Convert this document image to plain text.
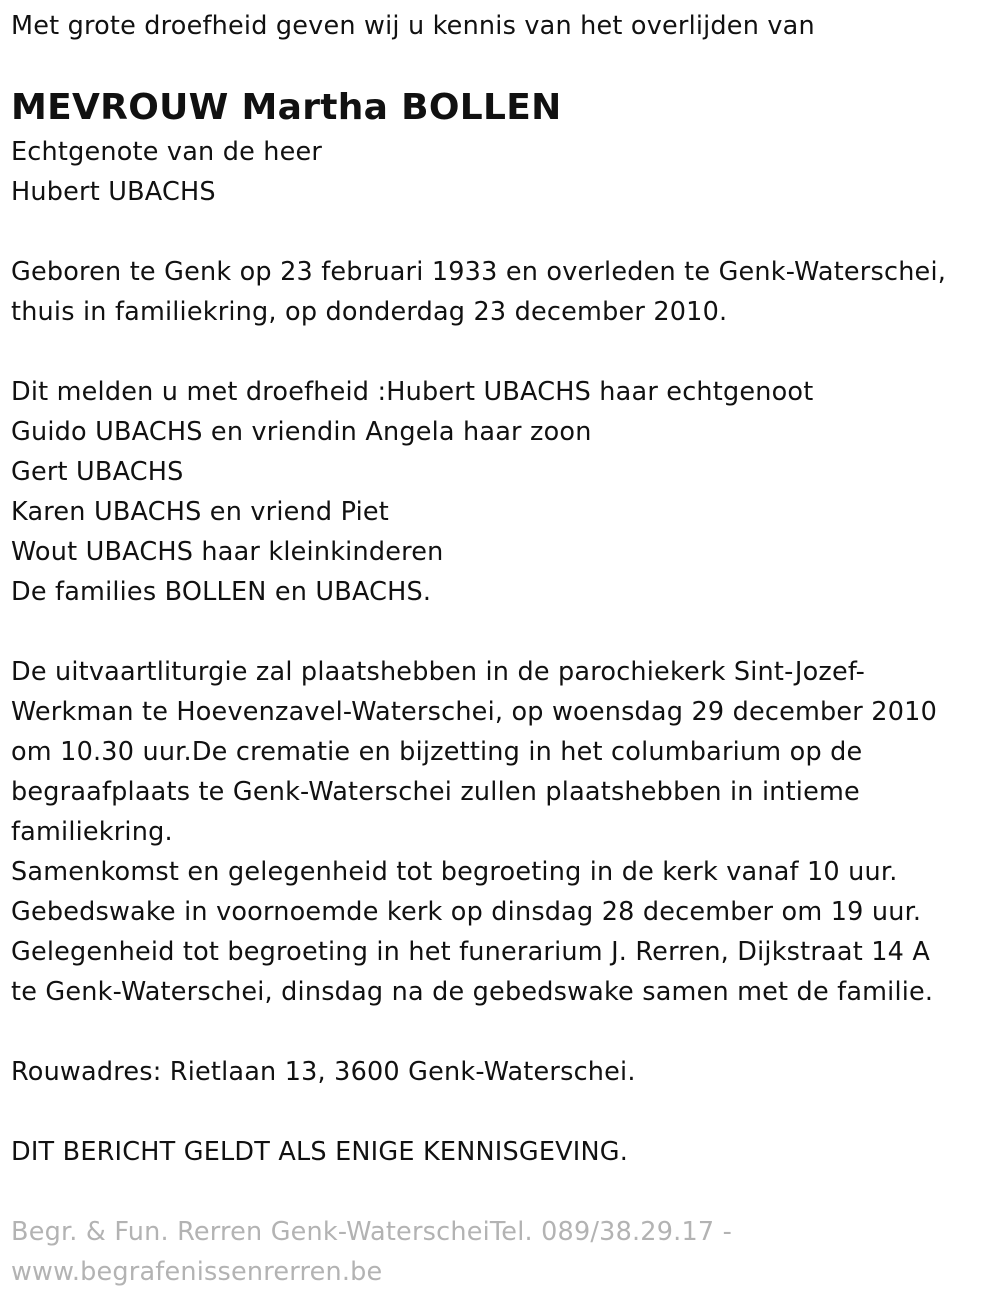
Met grote droefheid geven wij u kennis van het overlijden van
MEVROUW Martha BOLLEN
Echtgenote van de heer
Hubert UBACHS
Geboren te Genk op 23 februari 1933 en overleden te Genk-Waterschei,
thuis in familiekring, op donderdag 23 december 2010.
Dit melden u met droefheid :Hubert UBACHS haar echtgenoot
Guido UBACHS en vriendin Angela haar zoon
Gert UBACHS
Karen UBACHS en vriend Piet
Wout UBACHS haar kleinkinderen
De families BOLLEN en UBACHS.
De uitvaartliturgie zal plaatshebben in de parochiekerk Sint-Jozef-
Werkman te Hoevenzavel-Waterschei, op woensdag 29 december 2010
om 10.30 uur.De crematie en bijzetting in het columbarium op de
begraafplaats te Genk-Waterschei zullen plaatshebben in intieme
familiekring.
Samenkomst en gelegenheid tot begroeting in de kerk vanaf 10 uur.
Gebedswake in voornoemde kerk op dinsdag 28 december om 19 uur.
Gelegenheid tot begroeting in het funerarium J. Rerren, Dijkstraat 14 A
te Genk-Waterschei, dinsdag na de gebedswake samen met de familie.
Rouwadres: Rietlaan 13, 3600 Genk-Waterschei.
DIT BERICHT GELDT ALS ENIGE KENNISGEVING.
Begr. & Fun. Rerren Genk-WaterscheiTel. 089/38.29.17 -
www.begrafenissenrerren.be
